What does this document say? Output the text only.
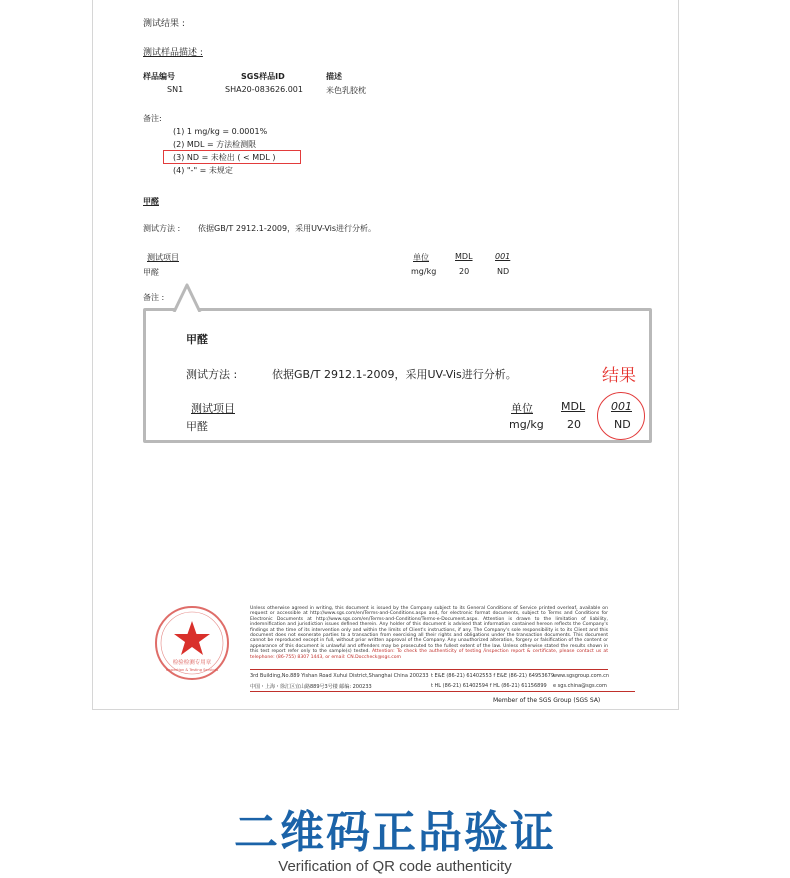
测试结果 :
测试样品描述 :
样品编号	SGS样品ID	描述
SN1	SHA20-083626.001	米色乳胶枕
备注:
(1) 1 mg/kg = 0.0001%
(2) MDL = 方法检测限
(3) ND = 未检出 ( < MDL )
(4) "-" = 未规定
甲醛
测试方法 :       依据GB/T 2912.1-2009，采用UV-Vis进行分析。
测试项目	单位	MDL	001
甲醛	mg/kg	20	ND
备注 :
甲醛
测试方法 :	依据GB/T 2912.1-2009，采用UV-Vis进行分析。	结果
测试项目	单位	MDL 001
甲醛	mg/kg 20	ND
检验检测专用章
Inspection & Testing Services
Unless otherwise agreed in writing, this document is issued by the Company subject to its General Conditions of Service printed overleaf, available on request or accessible at http://www.sgs.com/en/Terms-and-Conditions.aspx and, for electronic format documents, subject to Terms and Conditions for Electronic Documents at http://www.sgs.com/en/Terms-and-Conditions/Terms-e-Document.aspx. Attention is drawn to the limitation of liability, indemnification and jurisdiction issues defined therein. Any holder of this document is advised that information contained hereon reflects the Company's findings at the time of its intervention only and within the limits of Client's instructions, if any. The Company's sole responsibility is to its Client and this document does not exonerate parties to a transaction from exercising all their rights and obligations under the transaction documents. This document cannot be reproduced except in full, without prior written approval of the Company. Any unauthorized alteration, forgery or falsification of the content or appearance of this document is unlawful and offenders may be prosecuted to the fullest extent of the law. Unless otherwise stated the results shown in this test report refer only to the sample(s) tested. Attention: To check the authenticity of testing /inspection report & certificate, please contact us at telephone: (86-755) 8307 1443, or email: CN.Doccheck@sgs.com
3rd Building,No.889 Yishan Road Xuhui District,Shanghai China 200233
中国・上海・徐汇区宜山路889号3号楼 邮编: 200233
t E&E (86-21) 61402553 f E&E (86-21) 64953679
t HL (86-21) 61402594 f HL (86-21) 61156899
www.sgsgroup.com.cn
e sgs.china@sgs.com
Member of the SGS Group (SGS SA)
二维码正品验证
Verification of QR code authenticity
